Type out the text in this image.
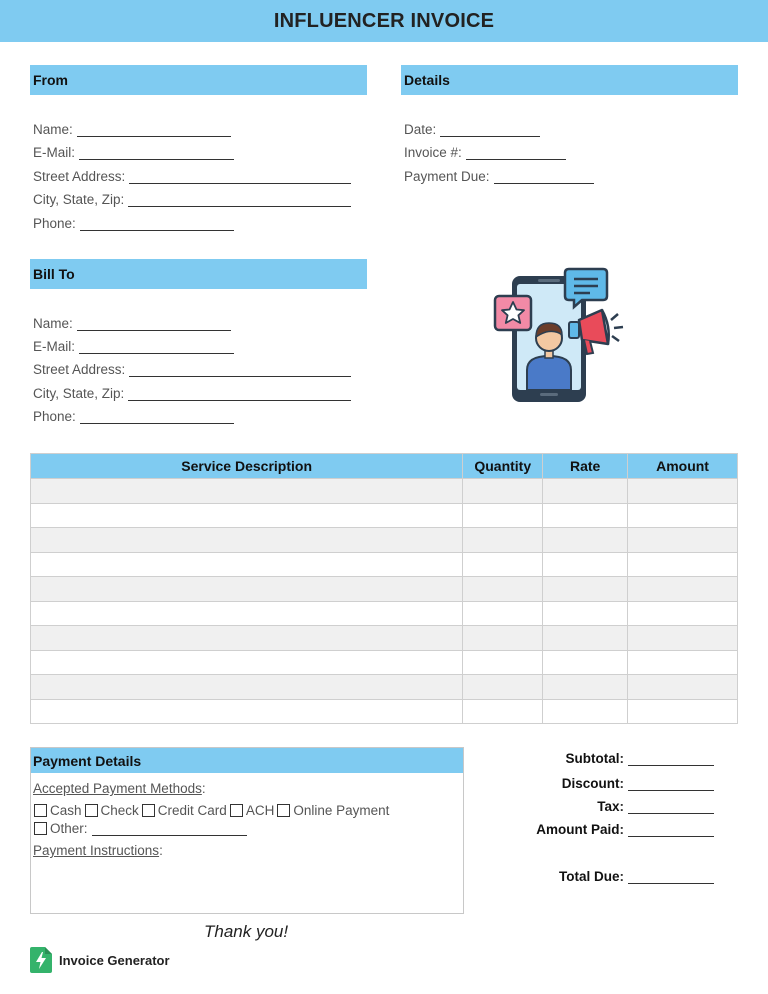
INFLUENCER INVOICE
From
Name:
E-Mail:
Street Address:
City, State, Zip:
Phone:
Details
Date:
Invoice #:
Payment Due:
Bill To
Name:
E-Mail:
Street Address:
City, State, Zip:
Phone:
Service Description	Quantity	Rate	Amount

Payment Details
Accepted Payment Methods :
Cash Check Credit Card ACH Online Payment
Other:
Payment Instructions :
Subtotal:
Discount:
Tax:
Amount Paid:
Total Due:
Thank you!
Invoice Generator
